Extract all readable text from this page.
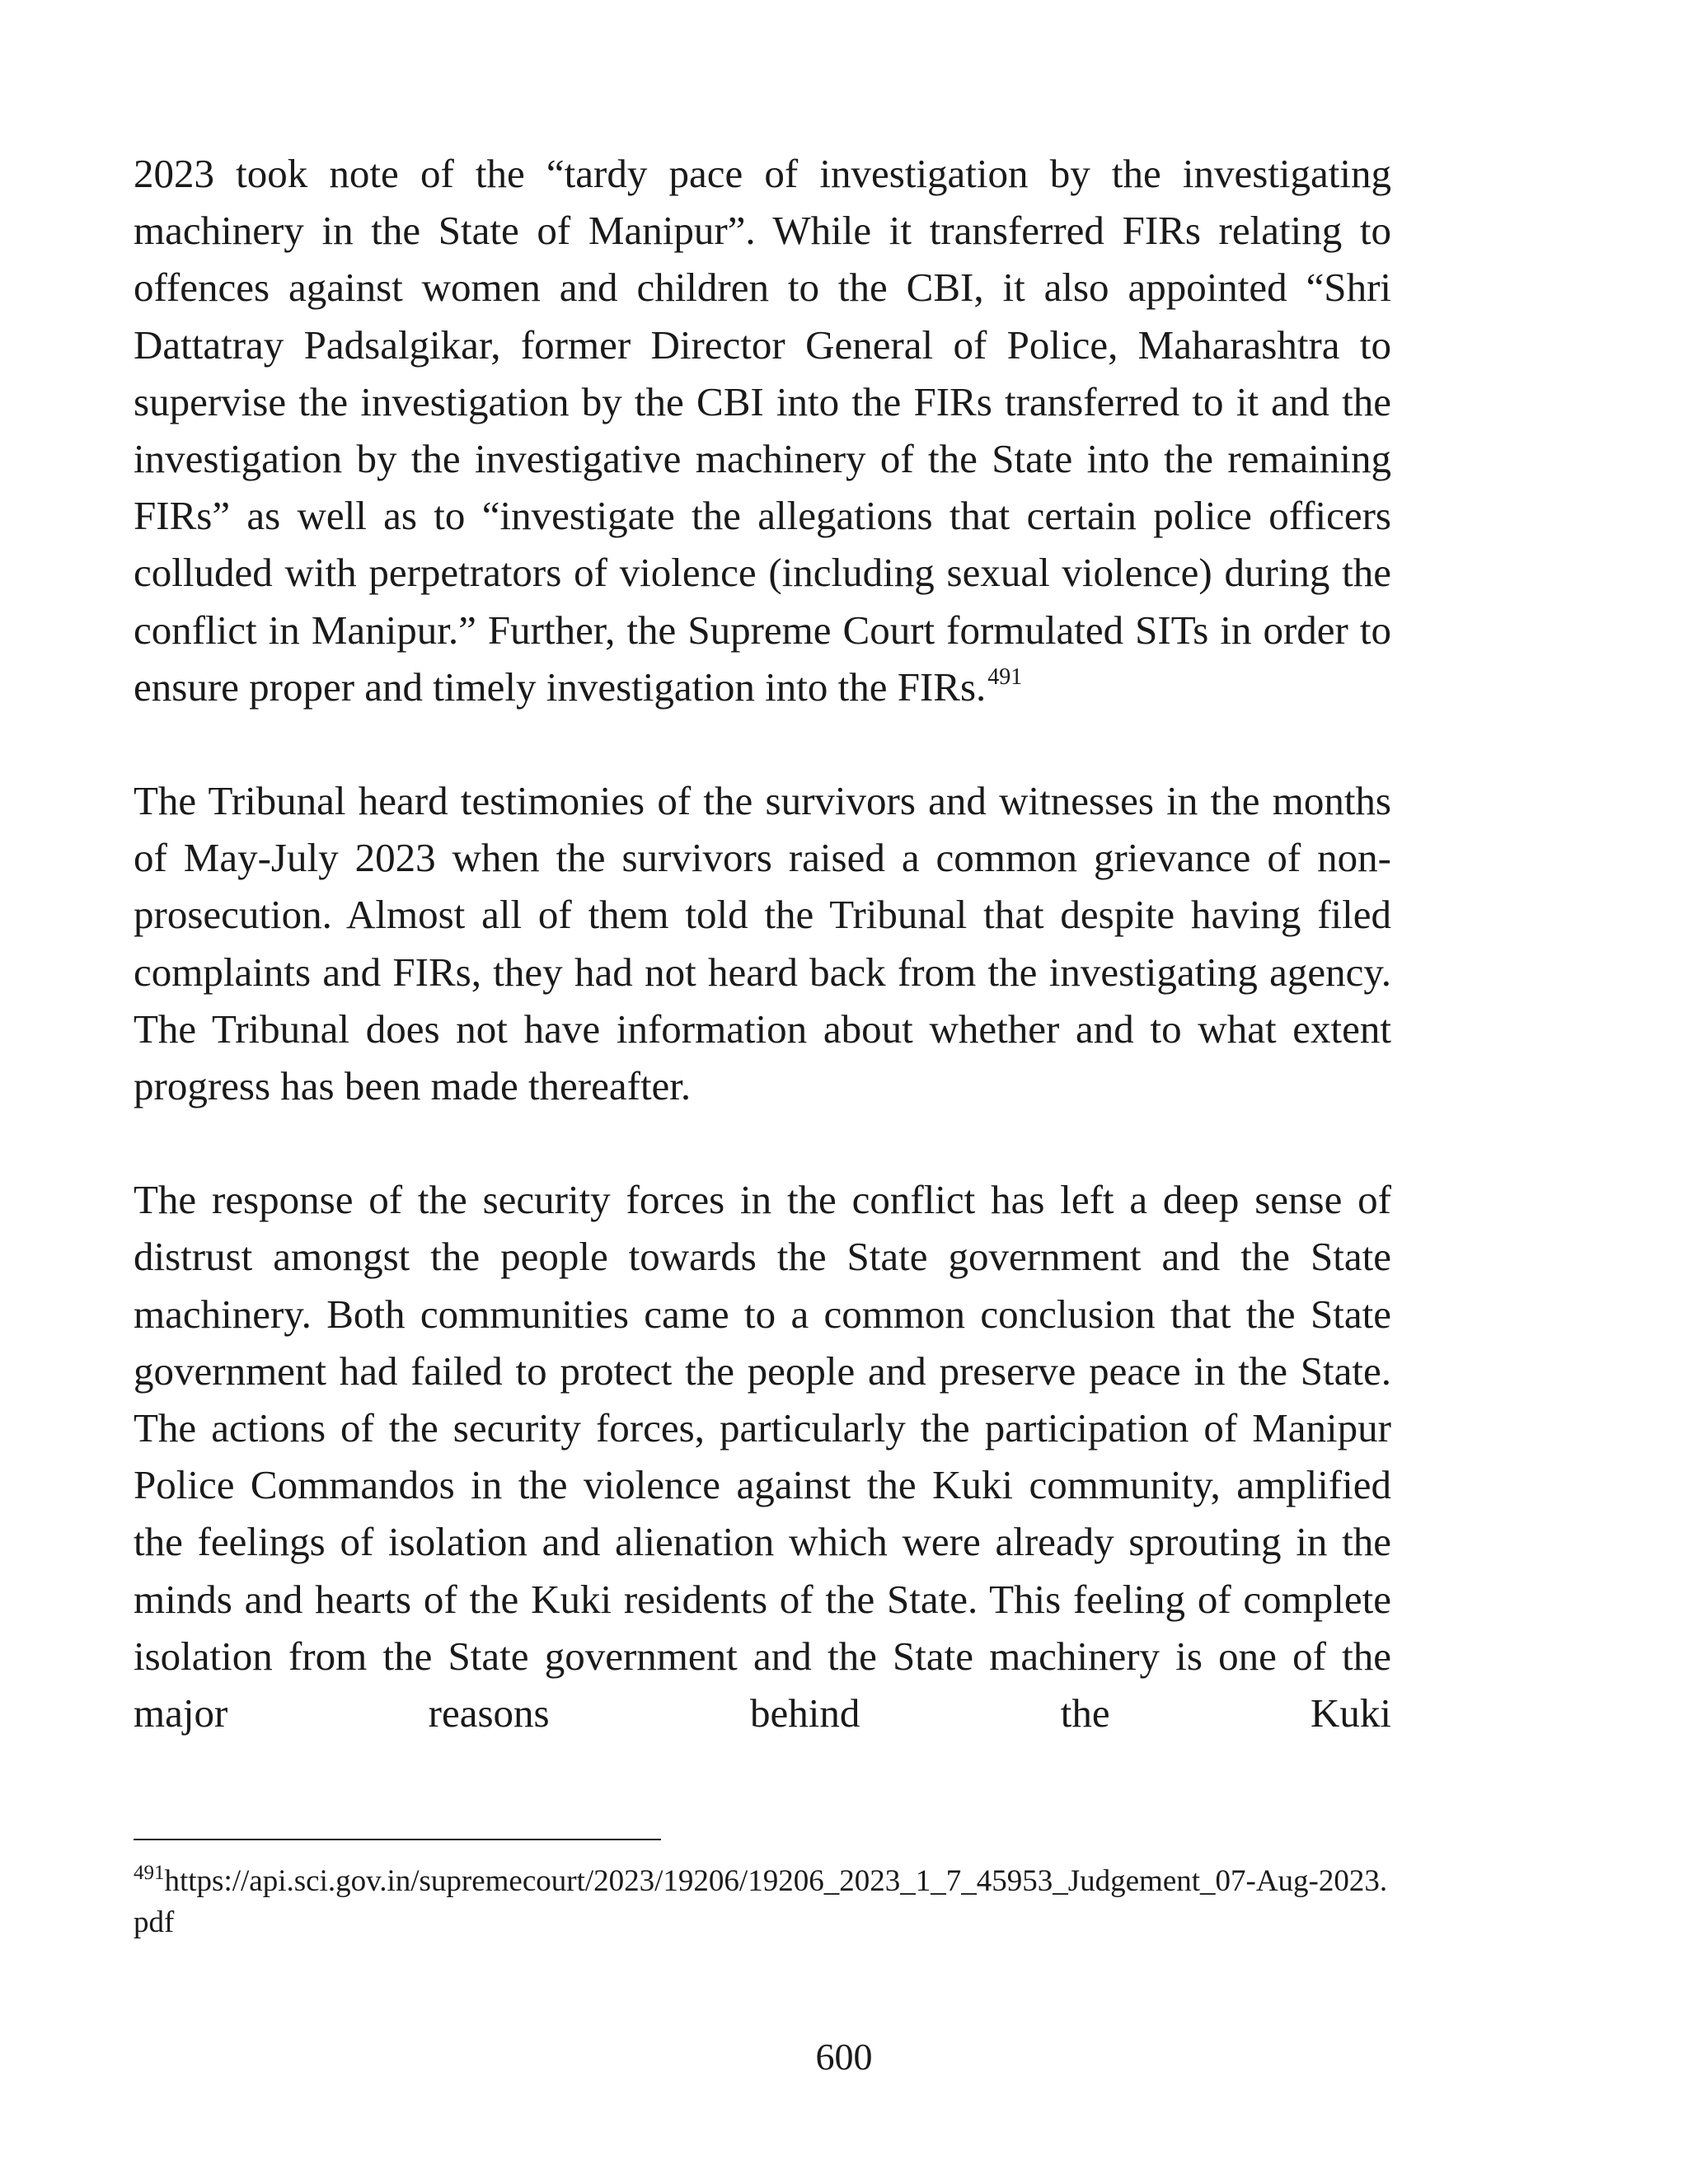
2023 took note of the “tardy pace of investigation by the investigating machinery in the State of Manipur”. While it transferred FIRs relating to offences against women and children to the CBI, it also appointed “Shri Dattatray Padsalgikar, former Director General of Police, Maharashtra to supervise the investigation by the CBI into the FIRs transferred to it and the investigation by the investigative machinery of the State into the remaining FIRs” as well as to “investigate the allegations that certain police officers colluded with perpetrators of violence (including sexual violence) during the conflict in Manipur.” Further, the Supreme Court formulated SITs in order to ensure proper and timely investigation into the FIRs.$^{491}$

The Tribunal heard testimonies of the survivors and witnesses in the months of May-July 2023 when the survivors raised a common grievance of non-prosecution. Almost all of them told the Tribunal that despite having filed complaints and FIRs, they had not heard back from the investigating agency. The Tribunal does not have information about whether and to what extent progress has been made thereafter.

The response of the security forces in the conflict has left a deep sense of distrust amongst the people towards the State government and the State machinery. Both communities came to a common conclusion that the State government had failed to protect the people and preserve peace in the State. The actions of the security forces, particularly the participation of Manipur Police Commandos in the violence against the Kuki community, amplified the feelings of isolation and alienation which were already sprouting in the minds and hearts of the Kuki residents of the State. This feeling of complete isolation from the State government and the State machinery is one of the major reasons behind the Kuki

$^{491}$https://api.sci.gov.in/supremecourt/2023/19206/19206_2023_1_7_45953_Judgement_07-Aug-2023.pdf
600
